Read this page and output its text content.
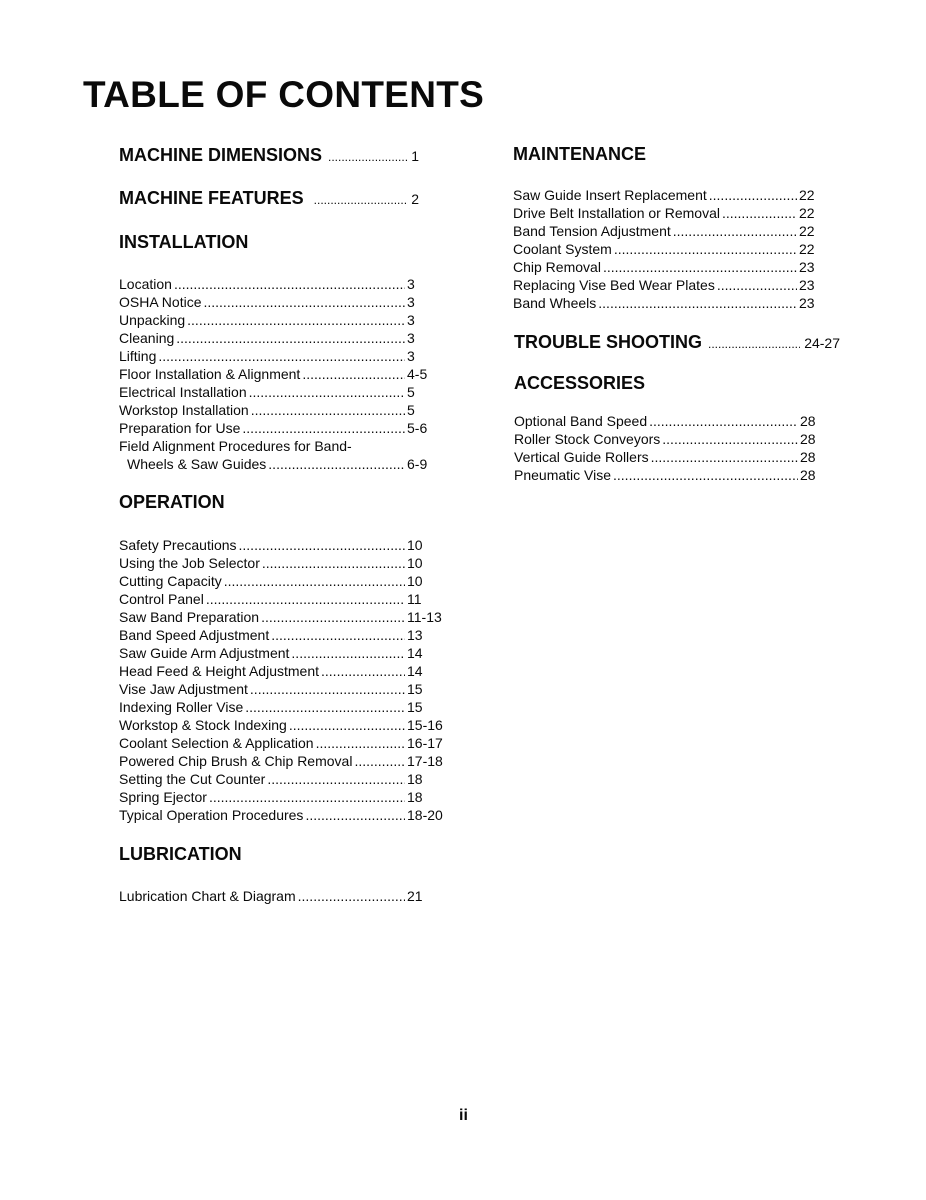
TABLE OF CONTENTS
MACHINE DIMENSIONS .....	1
MACHINE FEATURES .....	2
INSTALLATION
Location .....	3
OSHA Notice .....	3
Unpacking .....	3
Cleaning .....	3
Lifting .....	3
Floor Installation & Alignment .....	4-5
Electrical Installation .....	5
Workstop Installation .....	5
Preparation for Use .....	5-6
Field Alignment Procedures for Band-
Wheels & Saw Guides .....	6-9
OPERATION
Safety Precautions .....	10
Using the Job Selector .....	10
Cutting Capacity .....	10
Control Panel .....	11
Saw Band Preparation .....	11-13
Band Speed Adjustment .....	13
Saw Guide Arm Adjustment .....	14
Head Feed & Height Adjustment .....	14
Vise Jaw Adjustment .....	15
Indexing Roller Vise .....	15
Workstop & Stock Indexing .....	15-16
Coolant Selection & Application .....	16-17
Powered Chip Brush & Chip Removal .....	17-18
Setting the Cut Counter .....	18
Spring Ejector .....	18
Typical Operation Procedures .....	18-20
LUBRICATION
Lubrication Chart & Diagram .....	21
MAINTENANCE
Saw Guide Insert Replacement .....	22
Drive Belt Installation or Removal .....	22
Band Tension Adjustment .....	22
Coolant System .....	22
Chip Removal .....	23
Replacing Vise Bed Wear Plates .....	23
Band Wheels .....	23
TROUBLE SHOOTING .....	24-27
ACCESSORIES
Optional Band Speed .....	28
Roller Stock Conveyors .....	28
Vertical Guide Rollers .....	28
Pneumatic Vise .....	28
ii
